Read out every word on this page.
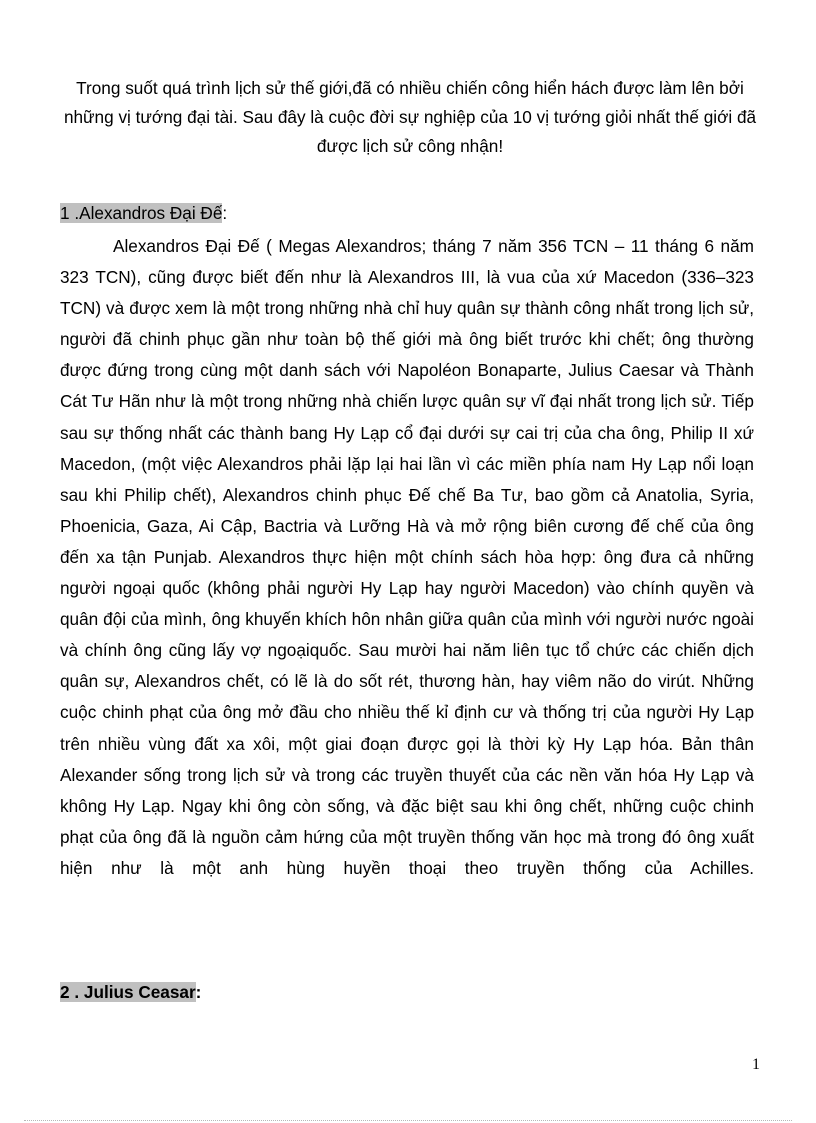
Trong suốt quá trình lịch sử thế giới,đã có nhiều chiến công hiển hách được làm lên bởi những vị tướng đại tài. Sau đây là cuộc đời sự nghiệp của 10 vị tướng giỏi nhất thế giới đã được lịch sử công nhận!
1 .Alexandros Đại Đế:

Alexandros Đại Đế ( Megas Alexandros; tháng 7 năm 356 TCN – 11 tháng 6 năm 323 TCN), cũng được biết đến như là Alexandros III, là vua của xứ Macedon (336–323 TCN) và được xem là một trong những nhà chỉ huy quân sự thành công nhất trong lịch sử, người đã chinh phục gần như toàn bộ thế giới mà ông biết trước khi chết; ông thường được đứng trong cùng một danh sách với Napoléon Bonaparte, Julius Caesar và Thành Cát Tư Hãn như là một trong những nhà chiến lược quân sự vĩ đại nhất trong lịch sử. Tiếp sau sự thống nhất các thành bang Hy Lạp cổ đại dưới sự cai trị của cha ông, Philip II xứ Macedon, (một việc Alexandros phải lặp lại hai lần vì các miền phía nam Hy Lạp nổi loạn sau khi Philip chết), Alexandros chinh phục Đế chế Ba Tư, bao gồm cả Anatolia, Syria, Phoenicia, Gaza, Ai Cập, Bactria và Lưỡng Hà và mở rộng biên cương đế chế của ông đến xa tận Punjab. Alexandros thực hiện một chính sách hòa hợp: ông đưa cả những người ngoại quốc (không phải người Hy Lạp hay người Macedon) vào chính quyền và quân đội của mình, ông khuyến khích hôn nhân giữa quân của mình với người nước ngoài và chính ông cũng lấy vợ ngoạiquốc. Sau mười hai năm liên tục tổ chức các chiến dịch quân sự, Alexandros chết, có lẽ là do sốt rét, thương hàn, hay viêm não do virút. Những cuộc chinh phạt của ông mở đầu cho nhiều thế kỉ định cư và thống trị của người Hy Lạp trên nhiều vùng đất xa xôi, một giai đoạn được gọi là thời kỳ Hy Lạp hóa. Bản thân Alexander sống trong lịch sử và trong các truyền thuyết của các nền văn hóa Hy Lạp và không Hy Lạp. Ngay khi ông còn sống, và đặc biệt sau khi ông chết, những cuộc chinh phạt của ông đã là nguồn cảm hứng của một truyền thống văn học mà trong đó ông xuất hiện như là một anh hùng huyền thoại theo truyền thống của Achilles.

2 . Julius Ceasar:
1
